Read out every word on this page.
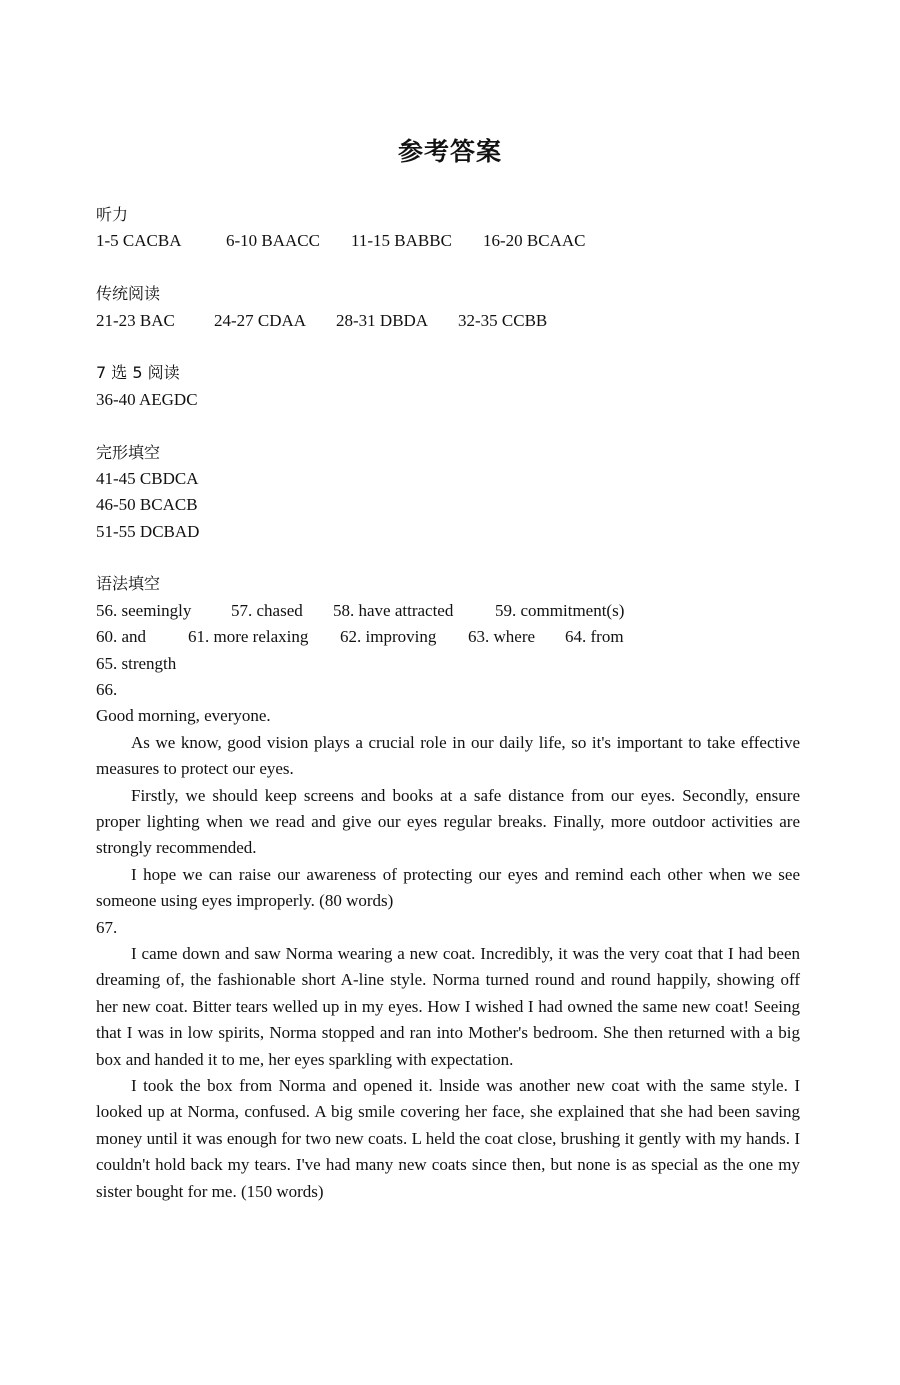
参考答案
听力
1-5 CACBA	6-10 BAACC 11-15 BABBC 16-20 BCAAC
传统阅读
21-23 BAC 24-27 CDAA 28-31 DBDA 32-35 CCBB
7 选 5 阅读
36-40 AEGDC
完形填空
41-45 CBDCA
46-50 BCACB
51-55 DCBAD
语法填空
56. seemingly 57. chased 58. have attracted 59. commitment(s)
60. and 61. more relaxing 62. improving 63. where 64. from
65. strength
66.
Good morning, everyone.

As we know, good vision plays a crucial role in our daily life, so it's important to take effective measures to protect our eyes.

Firstly, we should keep screens and books at a safe distance from our eyes. Secondly, ensure proper lighting when we read and give our eyes regular breaks. Finally, more outdoor activities are strongly recommended.

I hope we can raise our awareness of protecting our eyes and remind each other when we see someone using eyes improperly. (80 words)

67.

I came down and saw Norma wearing a new coat. Incredibly, it was the very coat that I had been dreaming of, the fashionable short A-line style. Norma turned round and round happily, showing off her new coat. Bitter tears welled up in my eyes. How I wished I had owned the same new coat! Seeing that I was in low spirits, Norma stopped and ran into Mother's bedroom. She then returned with a big box and handed it to me, her eyes sparkling with expectation.

I took the box from Norma and opened it. lnside was another new coat with the same style. I looked up at Norma, confused. A big smile covering her face, she explained that she had been saving money until it was enough for two new coats. L held the coat close, brushing it gently with my hands. I couldn't hold back my tears. I've had many new coats since then, but none is as special as the one my sister bought for me. (150 words)
